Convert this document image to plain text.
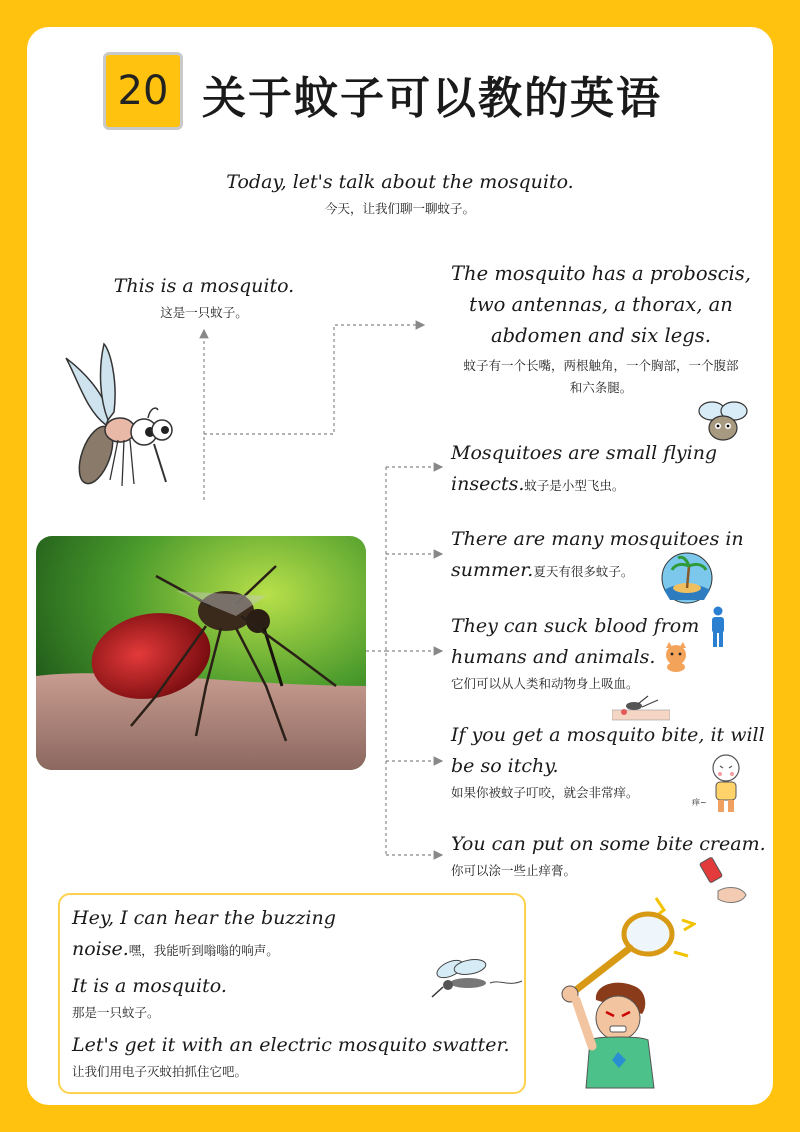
20 关于蚊子可以教的英语
Today, let's talk about the mosquito.
今天，让我们聊一聊蚊子。
This is a mosquito.
这是一只蚊子。
The mosquito has a proboscis,
two antennas, a thorax, an
abdomen and six legs.
蚊子有一个长嘴，两根触角，一个胸部，一个腹部
和六条腿。
Mosquitoes are small flying
insects.蚊子是小型飞虫。
There are many mosquitoes in
summer.夏天有很多蚊子。
They can suck blood from
humans and animals.
它们可以从人类和动物身上吸血。
If you get a mosquito bite, it will
be so itchy.
如果你被蚊子叮咬，就会非常痒。
痒~
You can put on some bite cream.
你可以涂一些止痒膏。
Hey, I can hear the buzzing
noise.嘿，我能听到嗡嗡的响声。
It is a mosquito.
那是一只蚊子。
Let's get it with an electric mosquito swatter.
让我们用电子灭蚊拍抓住它吧。
